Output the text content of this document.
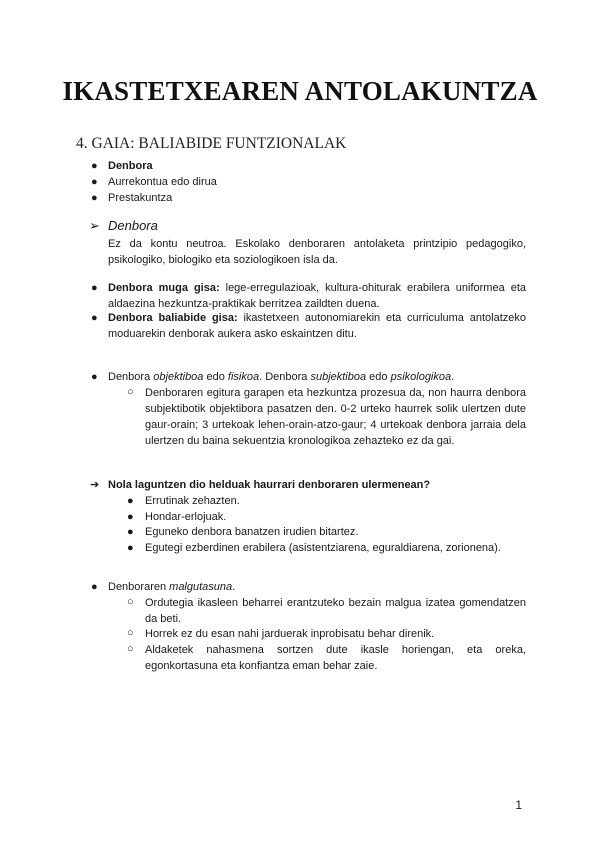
IKASTETXEAREN ANTOLAKUNTZA
4. GAIA: BALIABIDE FUNTZIONALAK
● Denbora
● Aurrekontua edo dirua
● Prestakuntza
➢ Denbora
Ez da kontu neutroa. Eskolako denboraren antolaketa printzipio pedagogiko, psikologiko, biologiko eta soziologikoen isla da.
● Denbora muga gisa: lege-erregulazioak, kultura-ohiturak erabilera uniformea eta aldaezina hezkuntza-praktikak berritzea zaildten duena.
● Denbora baliabide gisa: ikastetxeen autonomiarekin eta curriculuma antolatzeko moduarekin denborak aukera asko eskaintzen ditu.
● Denbora objektiboa edo fisikoa. Denbora subjektiboa edo psikologikoa.
○ Denboraren egitura garapen eta hezkuntza prozesua da, non haurra denbora subjektibotik objektibora pasatzen den. 0-2 urteko haurrek solik ulertzen dute gaur-orain; 3 urtekoak lehen-orain-atzo-gaur; 4 urtekoak denbora jarraia dela ulertzen du baina sekuentzia kronologikoa zehazteko ez da gai.
➔ Nola laguntzen dio helduak haurrari denboraren ulermenean?
● Errutinak zehazten.
● Hondar-erlojuak.
● Eguneko denbora banatzen irudien bitartez.
● Egutegi ezberdinen erabilera (asistentziarena, eguraldiarena, zorionena).
● Denboraren malgutasuna.
○ Ordutegia ikasleen beharrei erantzuteko bezain malgua izatea gomendatzen da beti.
○ Horrek ez du esan nahi jarduerak inprobisatu behar direnik.
○ Aldaketek nahasmena sortzen dute ikasle horiengan, eta oreka, egonkortasuna eta konfiantza eman behar zaie.
1
